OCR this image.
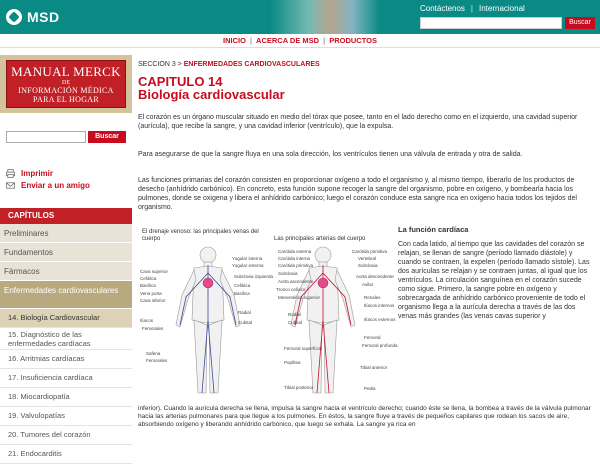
MSD
Contáctenos | Internacional
Buscar
INICIO | ACERCA DE MSD | PRODUCTOS
MANUAL MERCK
DE
INFORMACIÓN MÉDICA
PARA EL HOGAR
Buscar
Imprimir
Enviar a un amigo
CAPÍTULOS
Preliminares
Fundamentos
Fármacos
Enfermedades cardiovasculares
14. Biología Cardiovascular
15. Diagnóstico de las enfermedades cardíacas
16. Arritmias cardíacas
17. Insuficiencia cardíaca
18. Miocardiopatía
19. Valvulopatías
20. Tumores del corazón
21. Endocarditis
SECCION 3 > ENFERMEDADES CARDIOVASCULARES
CAPITULO 14
Biología cardiovascular
El corazón es un órgano muscular situado en medio del tórax que posee, tanto en el lado derecho como en el izquierdo, una cavidad superior (aurícula), que recibe la sangre, y una cavidad inferior (ventrículo), que la expulsa.
Para asegurarse de que la sangre fluya en una sola dirección, los ventrículos tienen una válvula de entrada y otra de salida.
Las funciones primarias del corazón consisten en proporcionar oxígeno a todo el organismo y, al mismo tiempo, liberarlo de los productos de desecho (anhídrido carbónico). En concreto, esta función supone recoger la sangre del organismo, pobre en oxígeno, y bombearla hacia los pulmones, donde se oxigena y libera el anhídrido carbónico; luego el corazón conduce esta sangre rica en oxígeno hacia todos los tejidos del organismo.
El drenaje venoso: las principales venas del cuerpo	Las principales arterias del cuerpo
Yugular interna
Yugular externa
Cava superior
Cefálica
Basílica
Vena porta
Cava inferior
Ilíacos
Femorales
Safena
Femorales
Subclavia izquierda
Cefálica
Basílica
Radial
Cubital
Carótida externa
Carótida interna
Carótida primitiva
Subclavia
Aorta ascendente
Tronco celíaco
Mesentérica superior
Radial
Cubital
Femoral superficial
Poplítea
Tibial posterior
Carótida primitiva
Vertebral
Subclavia
Aorta descendente
Axilar
Renales
Ilíacos internos
Ilíacos externos
Femoral
Femoral profunda
Tibial anterior
Pedia
La función cardíaca
Con cada latido, al tiempo que las cavidades del corazón se relajan, se llenan de sangre (período llamado diástole) y cuando se contraen, la expelen (período llamado sístole). Las dos aurículas se relajan y se contraen juntas, al igual que los ventrículos. La circulación sanguínea en el corazón sucede como sigue. Primero, la sangre pobre en oxígeno y sobrecargada de anhídrido carbónico proveniente de todo el organismo llega a la aurícula derecha a través de las dos venas más grandes (las venas cavas superior y
inferior). Cuando la aurícula derecha se llena, impulsa la sangre hacia el ventrículo derecho; cuando éste se llena, la bombea a través de la válvula pulmonar hacia las arterias pulmonares para que llegue a los pulmones. En éstos, la sangre fluye a través de pequeños capilares que rodean los sacos de aire, absorbiendo oxígeno y liberando anhídrido carbónico, que luego se exhala. La sangre ya rica en
